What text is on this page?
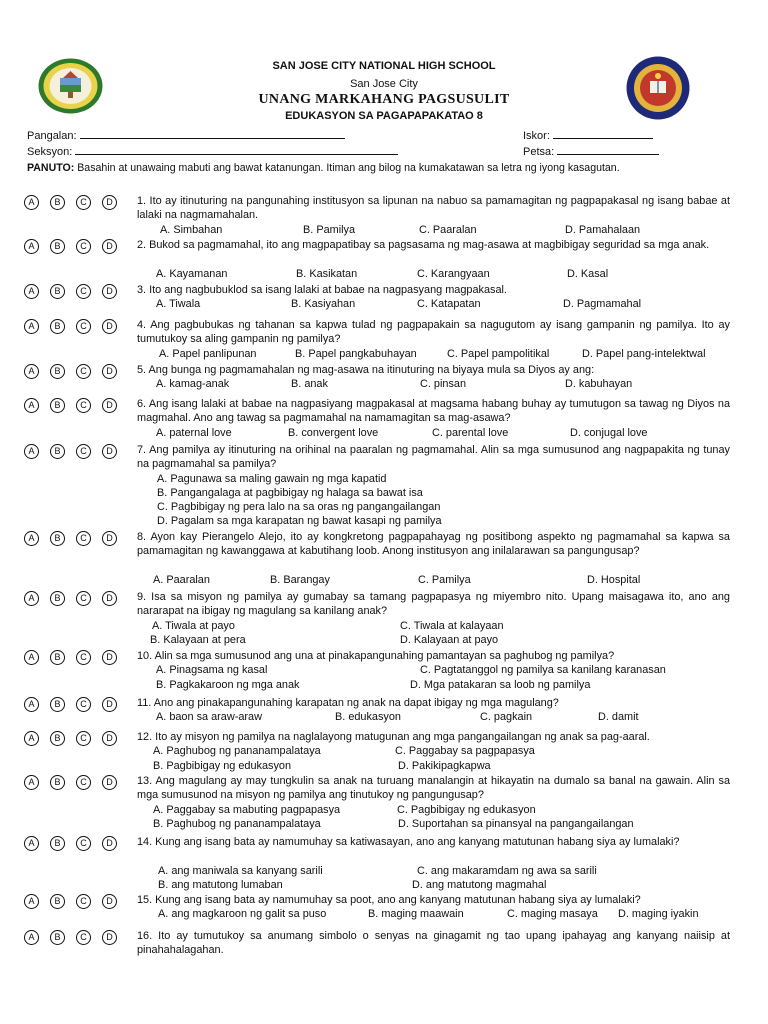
SAN JOSE CITY NATIONAL HIGH SCHOOL
San Jose City
UNANG MARKAHANG PAGSUSULIT
EDUKASYON SA PAGAPAPAKATAO 8
Pangalan:
Seksyon:
Iskor:
Petsa:
PANUTO: Basahin at unawaing mabuti ang bawat katanungan. Itiman ang bilog na kumakatawan sa letra ng iyong kasagutan.
A	B	C	D	1. Ito ay itinuturing na pangunahing institusyon sa lipunan na nabuo sa pamamagitan ng pagpapakasal ng isang babae at lalaki na nagmamahalan.
A. Simbahan	B. Pamilya	C. Paaralan	D. Pamahalaan
A	B	C	D	2. Bukod sa pagmamahal, ito ang magpapatibay sa pagsasama ng mag-asawa at magbibigay seguridad sa mga anak.
A. Kayamanan	B. Kasikatan	C. Karangyaan	D. Kasal
A	B	C	D	3. Ito ang nagbubuklod sa isang lalaki at babae na nagpasyang magpakasal.
A. Tiwala	B. Kasiyahan	C. Katapatan	D. Pagmamahal
A	B	C	D	4. Ang pagbubukas ng tahanan sa kapwa tulad ng pagpapakain sa nagugutom ay isang gampanin ng pamilya. Ito ay tumutukoy sa aling gampanin ng pamilya?
A. Papel panlipunan	B. Papel pangkabuhayan	C. Papel pampolitikal	D. Papel pang-intelektwal
A	B	C	D	5. Ang bunga ng pagmamahalan ng mag-asawa na itinuturing na biyaya mula sa Diyos ay ang:
A. kamag-anak	B. anak	C. pinsan	D. kabuhayan
A	B	C	D	6. Ang isang lalaki at babae na nagpasiyang magpakasal at magsama habang buhay ay tumutugon sa tawag ng Diyos na magmahal. Ano ang tawag sa pagmamahal na namamagitan sa mag-asawa?
A. paternal love	B. convergent love	C. parental love	D. conjugal love
A	B	C	D	7. Ang pamilya ay itinuturing na orihinal na paaralan ng pagmamahal. Alin sa mga sumusunod ang nagpapakita ng tunay na pagmamahal sa pamilya?
A. Pagunawa sa maling gawain ng mga kapatid
B. Pangangalaga at pagbibigay ng halaga sa bawat isa
C. Pagbibigay ng pera lalo na sa oras ng pangangailangan
D. Pagalam sa mga karapatan ng bawat kasapi ng pamilya
A	B	C	D	8. Ayon kay Pierangelo Alejo, ito ay kongkretong pagpapahayag ng positibong aspekto ng pagmamahal sa kapwa sa pamamagitan ng kawanggawa at kabutihang loob. Anong institusyon ang inilalarawan sa pangungusap?
A. Paaralan	B. Barangay	C. Pamilya	D. Hospital
A	B	C	D	9. Isa sa misyon ng pamilya ay gumabay sa tamang pagpapasya ng miyembro nito. Upang maisagawa ito, ano ang nararapat na ibigay ng magulang sa kanilang anak?
A. Tiwala at payo	C. Tiwala at kalayaan
B. Kalayaan at pera	D. Kalayaan at payo
A	B	C	D	10. Alin sa mga sumusunod ang una at pinakapangunahing pamantayan sa paghubog ng pamilya?
A. Pinagsama ng kasal	C. Pagtatanggol ng pamilya sa kanilang karanasan
B. Pagkakaroon ng mga anak	D. Mga patakaran sa loob ng pamilya
A	B	C	D	11. Ano ang pinakapangunahing karapatan ng anak na dapat ibigay ng mga magulang?
A. baon sa araw-araw	B. edukasyon	C. pagkain	D. damit
A	B	C	D	12. Ito ay misyon ng pamilya na naglalayong matugunan ang mga pangangailangan ng anak sa pag-aaral.
A. Paghubog ng pananampalataya	C. Paggabay sa pagpapasya
B. Pagbibigay ng edukasyon	D. Pakikipagkapwa
A	B	C	D	13. Ang magulang ay may tungkulin sa anak na turuang manalangin at hikayatin na dumalo sa banal na gawain. Alin sa mga sumusunod na misyon ng pamilya ang tinutukoy ng pangungusap?
A. Paggabay sa mabuting pagpapasya	C. Pagbibigay ng edukasyon
B. Paghubog ng pananampalataya	D. Suportahan sa pinansyal na pangangailangan
A	B	C	D	14. Kung ang isang bata ay namumuhay sa katiwasayan, ano ang kanyang matutunan habang siya ay lumalaki?
A. ang maniwala sa kanyang sarili	C. ang makaramdam ng awa sa sarili
B. ang matutong lumaban	D. ang matutong magmahal
A	B	C	D	15. Kung ang isang bata ay namumuhay sa poot, ano ang kanyang matutunan habang siya ay lumalaki?
A. ang magkaroon ng galit sa puso	B. maging maawain	C. maging masaya D. maging iyakin
A	B	C	D	16. Ito ay tumutukoy sa anumang simbolo o senyas na ginagamit ng tao upang ipahayag ang kanyang naiisip at pinahahalagahan.
